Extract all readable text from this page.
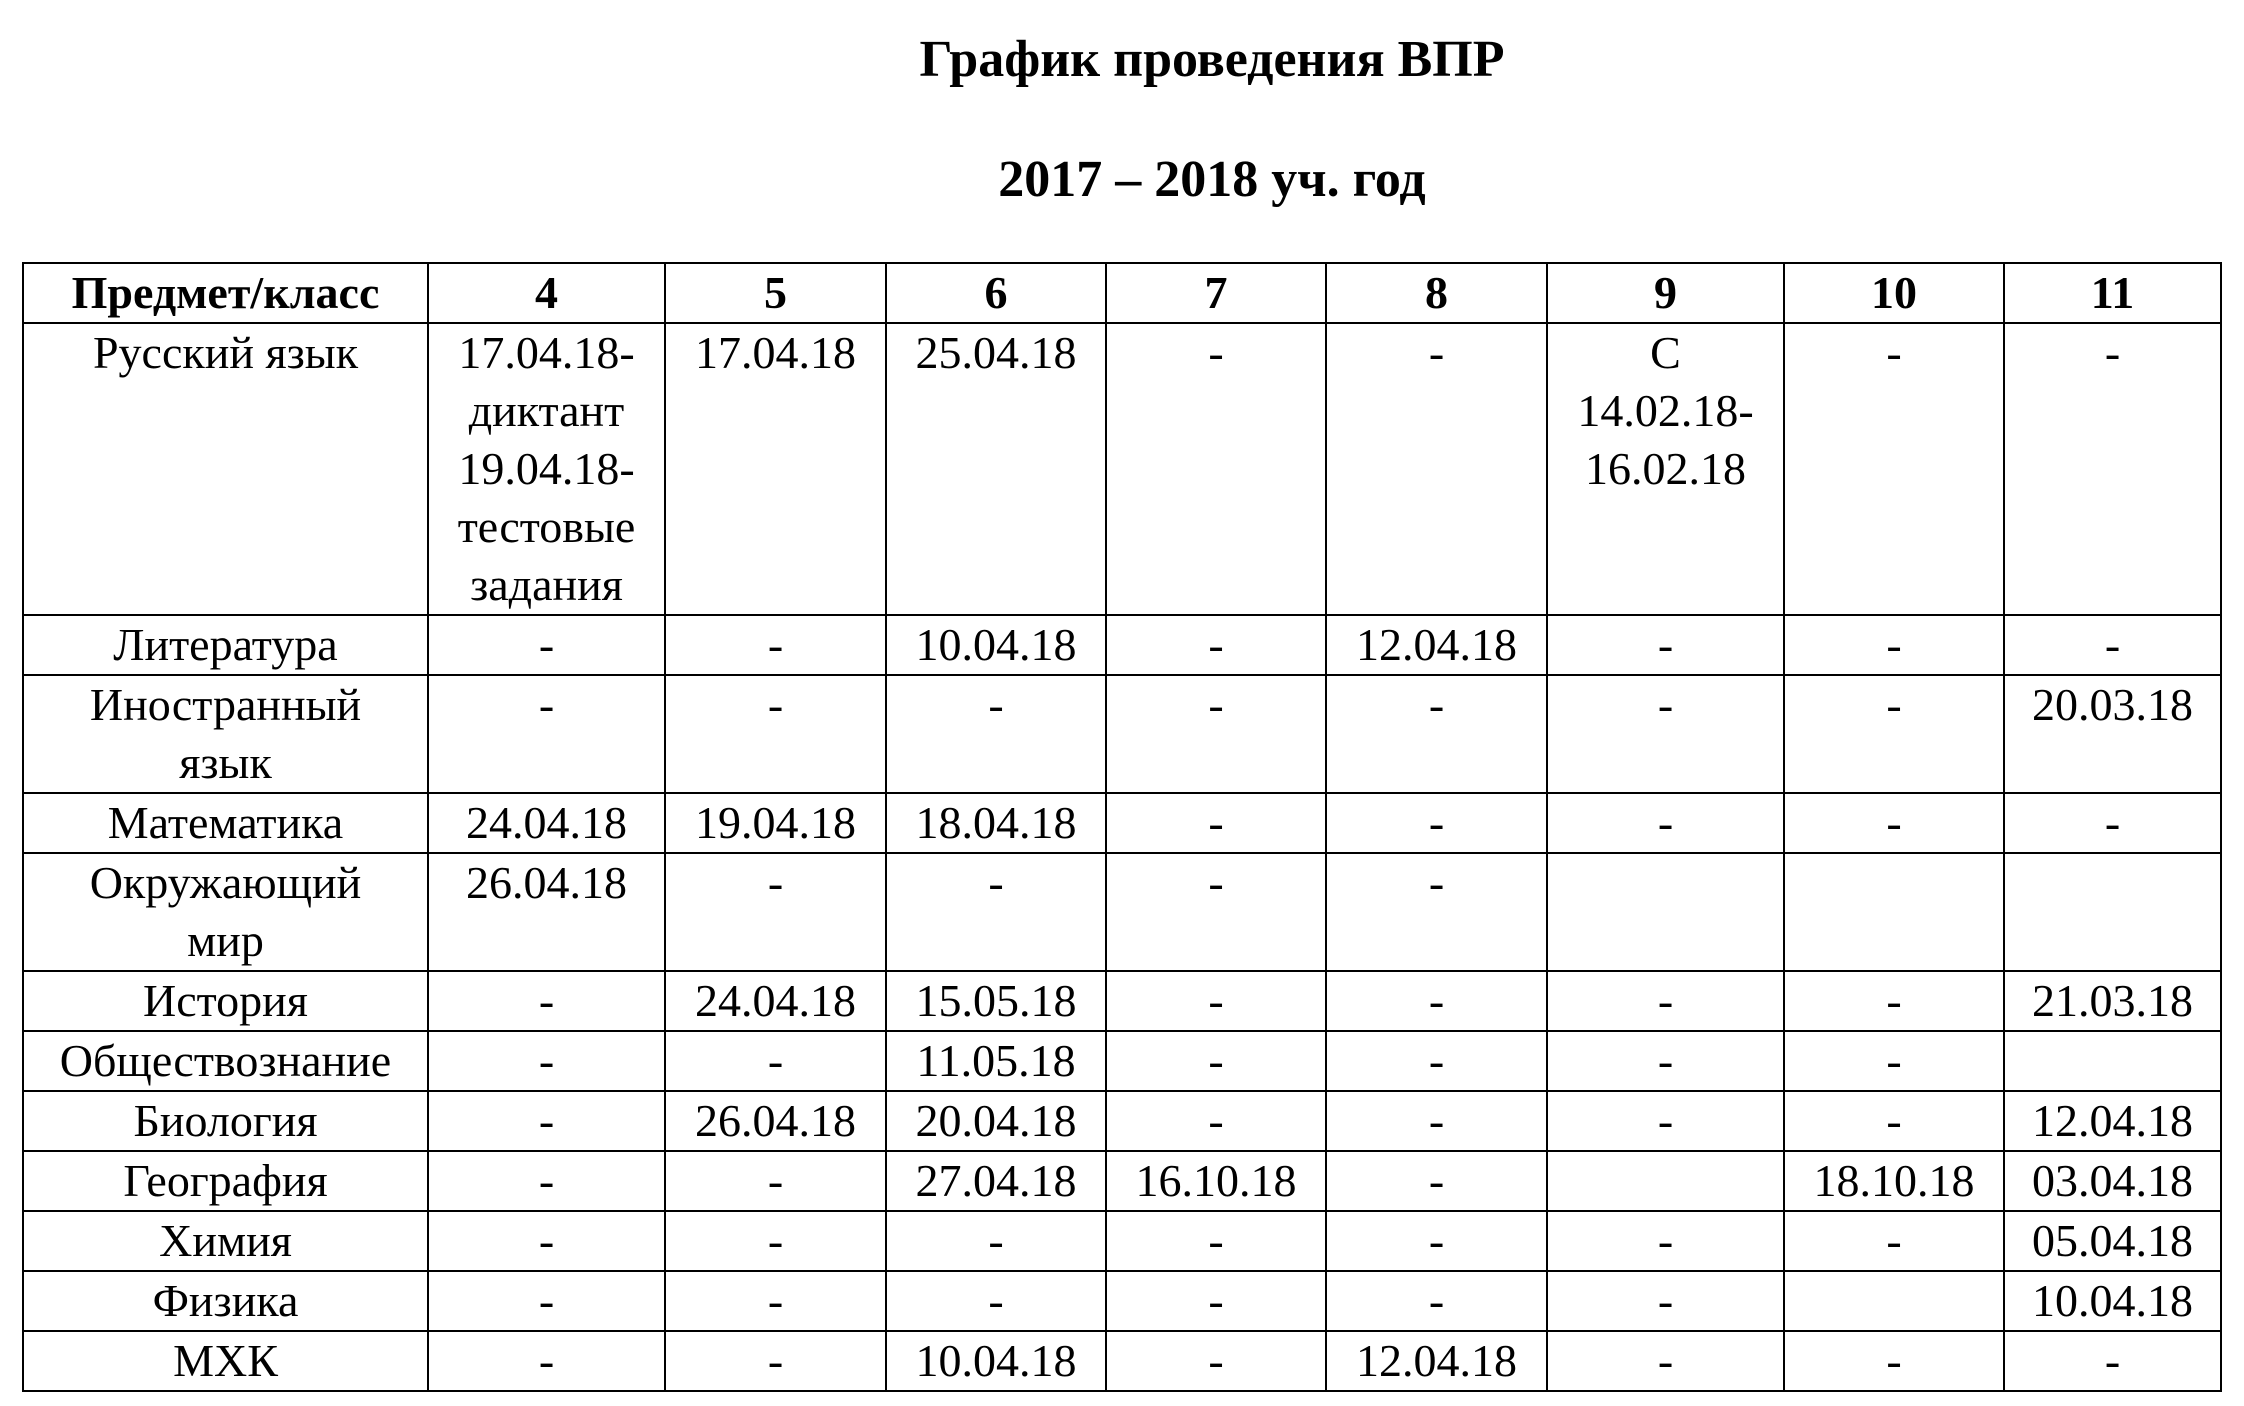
График проведения ВПР
2017 – 2018 уч. год
Предмет/класс	4	5	6	7	8	9	10	11

Русский язык	17.04.18-
диктант
19.04.18-
тестовые
задания	17.04.18	25.04.18	-	-	С
14.02.18-
16.02.18	-	-

Литература	-	-	10.04.18	-	12.04.18	-	-	-

Иностранный
язык	-	-	-	-	-	-	-	20.03.18

Математика	24.04.18	19.04.18	18.04.18	-	-	-	-	-

Окружающий
мир	26.04.18	-	-	-	-			

История	-	24.04.18	15.05.18	-	-	-	-	21.03.18

Обществознание	-	-	11.05.18	-	-	-	-	

Биология	-	26.04.18	20.04.18	-	-	-	-	12.04.18

География	-	-	27.04.18	16.10.18	-		18.10.18	03.04.18

Химия	-	-	-	-	-	-	-	05.04.18

Физика	-	-	-	-	-	-		10.04.18

МХК	-	-	10.04.18	-	12.04.18	-	-	-
